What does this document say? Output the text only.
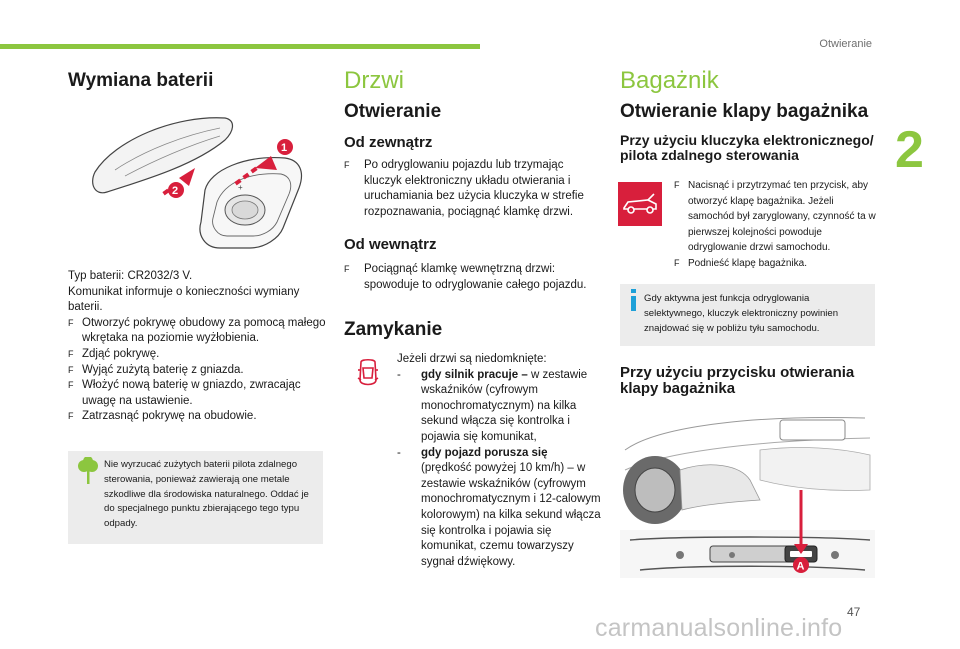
Otwieranie
2
Wymiana baterii
+
1
2
Typ baterii: CR2032/3 V.
Komunikat informuje o konieczności wymiany baterii.
F Otworzyć pokrywę obudowy za pomocą małego wkrętaka na poziomie wyżłobienia.
F Zdjąć pokrywę.
F Wyjąć zużytą baterię z gniazda.
F Włożyć nową baterię w gniazdo, zwracając uwagę na ustawienie.
F Zatrzasnąć pokrywę na obudowie.
Nie wyrzucać zużytych baterii pilota zdalnego sterowania, ponieważ zawierają one metale szkodliwe dla środowiska naturalnego. Oddać je do specjalnego punktu zbierającego tego typu odpady.
Drzwi
Otwieranie
Od zewnątrz
F Po odryglowaniu pojazdu lub trzymając kluczyk elektroniczny układu otwierania i uruchamiania bez użycia kluczyka w strefie rozpoznawania, pociągnąć klamkę drzwi.
Od wewnątrz
F Pociągnąć klamkę wewnętrzną drzwi: spowoduje to odryglowanie całego pojazdu.
Zamykanie
Jeżeli drzwi są niedomknięte:
- gdy silnik pracuje – w zestawie wskaźników (cyfrowym monochromatycznym) na kilka sekund włącza się kontrolka i pojawia się komunikat,
- gdy pojazd porusza się
(prędkość powyżej 10 km/h) – w zestawie wskaźników (cyfrowym monochromatycznym i 12-calowym kolorowym) na kilka sekund włącza się kontrolka i pojawia się komunikat, czemu towarzyszy sygnał dźwiękowy.
Bagażnik
Otwieranie klapy bagażnika
Przy użyciu kluczyka elektronicznego/ pilota zdalnego sterowania
F Nacisnąć i przytrzymać ten przycisk, aby otworzyć klapę bagażnika. Jeżeli samochód był zaryglowany, czynność ta w pierwszej kolejności powoduje odryglowanie drzwi samochodu.
F Podnieść klapę bagażnika.
Gdy aktywna jest funkcja odryglowania selektywnego, kluczyk elektroniczny powinien znajdować się w pobliżu tyłu samochodu.
Przy użyciu przycisku otwierania klapy bagażnika
A
47
carmanualsonline.info
